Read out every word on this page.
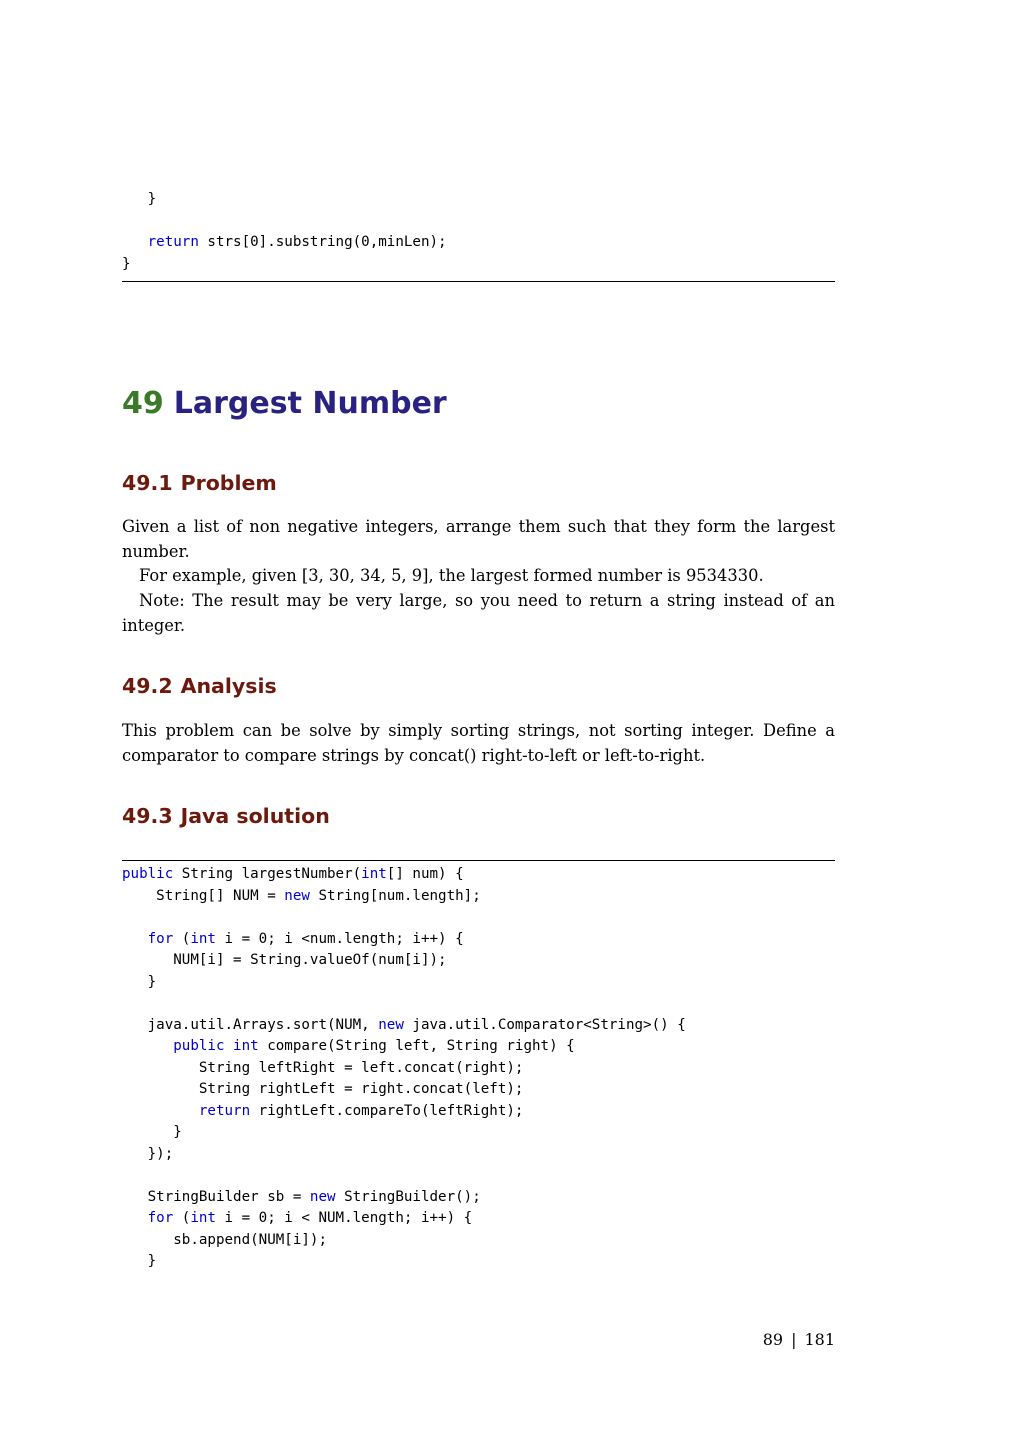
}
return strs[0].substring(0,minLen);
}
49 Largest Number
49.1 Problem
Given a list of non negative integers, arrange them such that they form the largest number.
For example, given [3, 30, 34, 5, 9], the largest formed number is 9534330.
Note: The result may be very large, so you need to return a string instead of an integer.
49.2 Analysis
This problem can be solve by simply sorting strings, not sorting integer. Define a comparator to compare strings by concat() right-to-left or left-to-right.
49.3 Java solution
public String largestNumber(int[] num) {
String[] NUM = new String[num.length];
for (int i = 0; i <num.length; i++) {
NUM[i] = String.valueOf(num[i]);
}
java.util.Arrays.sort(NUM, new java.util.Comparator<String>() {
public int compare(String left, String right) {
String leftRight = left.concat(right);
String rightLeft = right.concat(left);
return rightLeft.compareTo(leftRight);
}
});
StringBuilder sb = new StringBuilder();
for (int i = 0; i < NUM.length; i++) {
sb.append(NUM[i]);
}
89 | 181
